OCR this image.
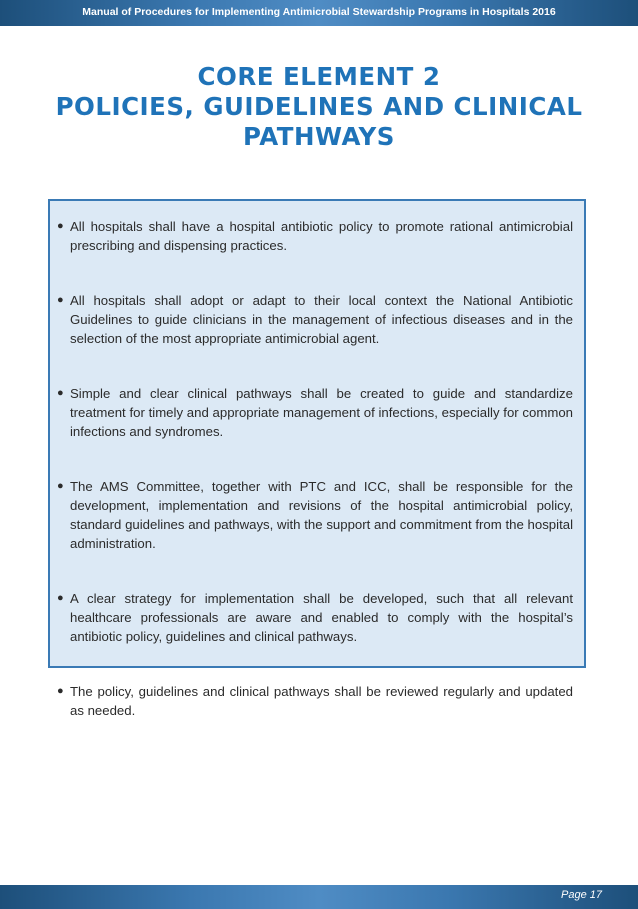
Manual of Procedures for Implementing Antimicrobial Stewardship Programs in Hospitals 2016
CORE ELEMENT 2
POLICIES, GUIDELINES AND CLINICAL
PATHWAYS
● All hospitals shall have a hospital antibiotic policy to promote rational antimicrobial prescribing and dispensing practices.
● All hospitals shall adopt or adapt to their local context the National Antibiotic Guidelines to guide clinicians in the management of infectious diseases and in the selection of the most appropriate antimicrobial agent.
● Simple and clear clinical pathways shall be created to guide and standardize treatment for timely and appropriate management of infections, especially for common infections and syndromes.
● The AMS Committee, together with PTC and ICC, shall be responsible for the development, implementation and revisions of the hospital antimicrobial policy, standard guidelines and pathways, with the support and commitment from the hospital administration.
● A clear strategy for implementation shall be developed, such that all relevant healthcare professionals are aware and enabled to comply with the hospital’s antibiotic policy, guidelines and clinical pathways.
● The policy, guidelines and clinical pathways shall be reviewed regularly and updated as needed.
Page 17
